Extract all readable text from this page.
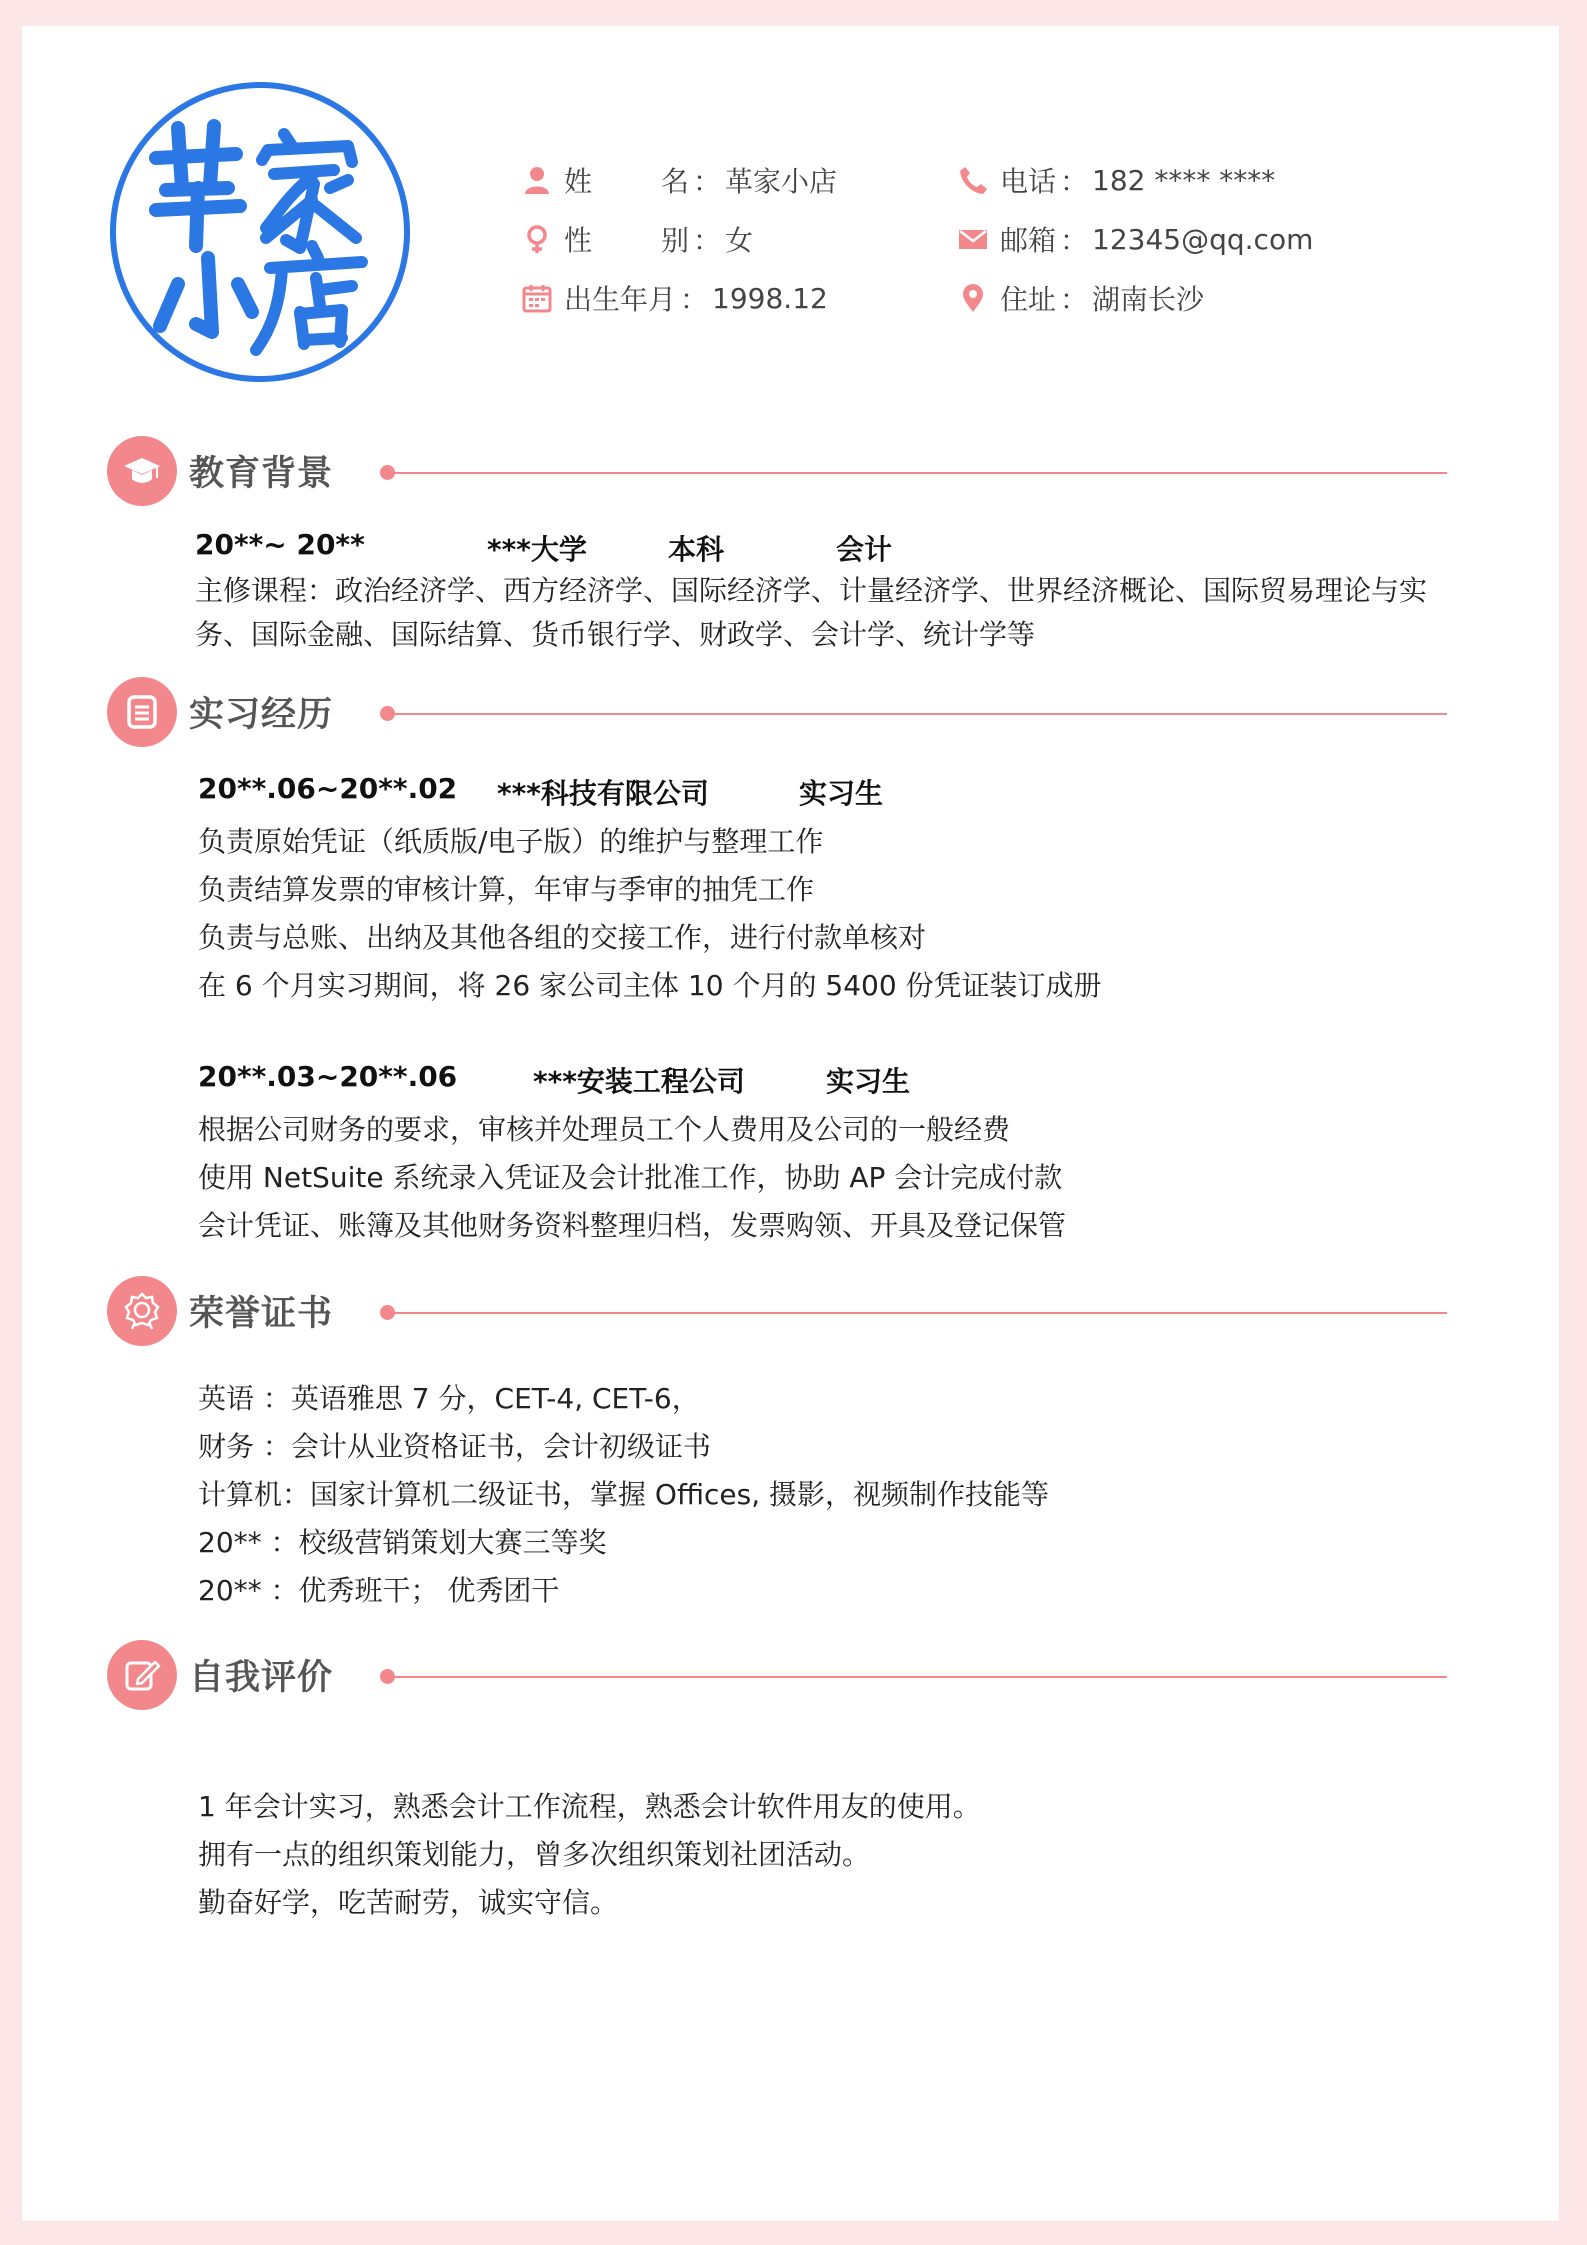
姓 名 ： 革家小店
性 别 ： 女
出生年月 ： 1998.12
电话 ： 182 **** ****
邮箱 ： 12345@qq.com
住址 ： 湖南长沙
教育背景
20**~ 20**	***大学	本科	会计
主修课程：政治经济学、西方经济学、国际经济学、计量经济学、世界经济概论、国际贸易理论与实务、国际金融、国际结算、货币银行学、财政学、会计学、统计学等
实习经历
20**.06~20**.02 ***科技有限公司	实习生
负责原始凭证（纸质版/电子版）的维护与整理工作
负责结算发票的审核计算，年审与季审的抽凭工作
负责与总账、出纳及其他各组的交接工作，进行付款单核对
在 6 个月实习期间，将 26 家公司主体 10 个月的 5400 份凭证装订成册
20**.03~20**.06	***安装工程公司	实习生
根据公司财务的要求，审核并处理员工个人费用及公司的一般经费
使用 NetSuite 系统录入凭证及会计批准工作，协助 AP 会计完成付款
会计凭证、账簿及其他财务资料整理归档，发票购领、开具及登记保管
荣誉证书
英语 ：英语雅思 7 分，CET-4, CET-6，
财务 ：会计从业资格证书，会计初级证书
计算机：国家计算机二级证书，掌握 Offices, 摄影，视频制作技能等
20** ：校级营销策划大赛三等奖
20** ：优秀班干； 优秀团干
自我评价
1 年会计实习，熟悉会计工作流程，熟悉会计软件用友的使用。
拥有一点的组织策划能力，曾多次组织策划社团活动。
勤奋好学，吃苦耐劳，诚实守信。
